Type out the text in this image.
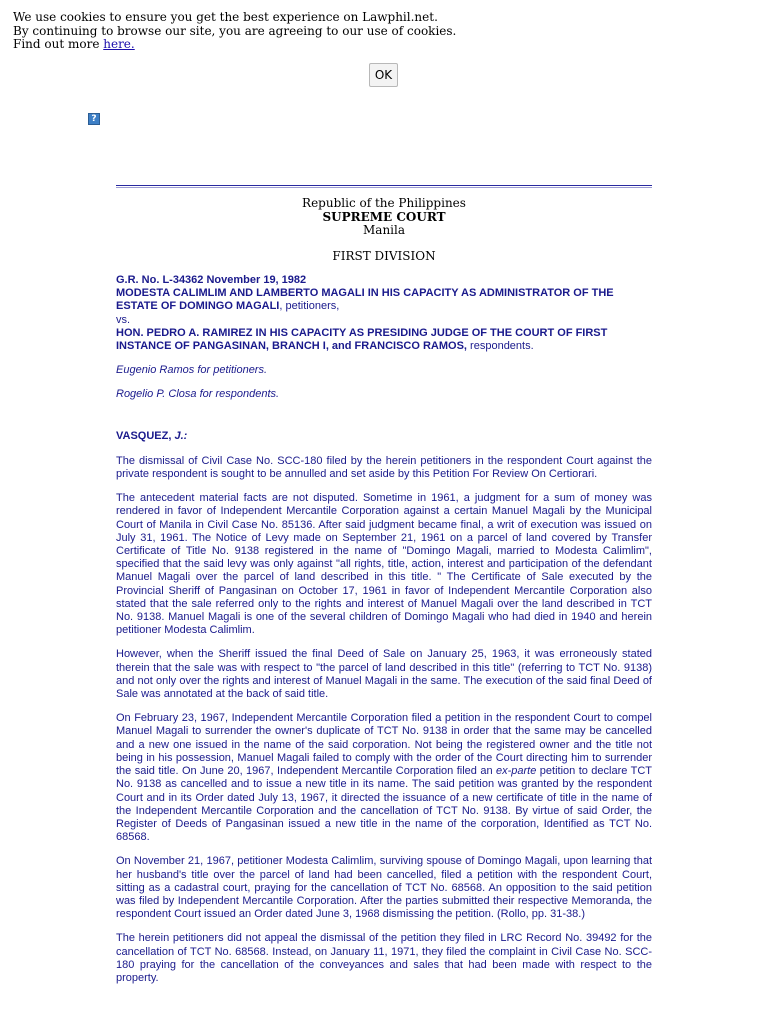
We use cookies to ensure you get the best experience on Lawphil.net.
By continuing to browse our site, you are agreeing to our use of cookies.
Find out more here.
OK
?
Republic of the Philippines
SUPREME COURT
Manila
FIRST DIVISION

G.R. No. L-34362 November 19, 1982

MODESTA CALIMLIM AND LAMBERTO MAGALI IN HIS CAPACITY AS ADMINISTRATOR OF THE ESTATE OF DOMINGO MAGALI, petitioners,

vs.

HON. PEDRO A. RAMIREZ IN HIS CAPACITY AS PRESIDING JUDGE OF THE COURT OF FIRST INSTANCE OF PANGASINAN, BRANCH I, and FRANCISCO RAMOS, respondents.

Eugenio Ramos for petitioners.

Rogelio P. Closa for respondents.

VASQUEZ, J.:

The dismissal of Civil Case No. SCC-180 filed by the herein petitioners in the respondent Court against the private respondent is sought to be annulled and set aside by this Petition For Review On Certiorari.

The antecedent material facts are not disputed. Sometime in 1961, a judgment for a sum of money was rendered in favor of Independent Mercantile Corporation against a certain Manuel Magali by the Municipal Court of Manila in Civil Case No. 85136. After said judgment became final, a writ of execution was issued on July 31, 1961. The Notice of Levy made on September 21, 1961 on a parcel of land covered by Transfer Certificate of Title No. 9138 registered in the name of "Domingo Magali, married to Modesta Calimlim", specified that the said levy was only against "all rights, title, action, interest and participation of the defendant Manuel Magali over the parcel of land described in this title. " The Certificate of Sale executed by the Provincial Sheriff of Pangasinan on October 17, 1961 in favor of Independent Mercantile Corporation also stated that the sale referred only to the rights and interest of Manuel Magali over the land described in TCT No. 9138. Manuel Magali is one of the several children of Domingo Magali who had died in 1940 and herein petitioner Modesta Calimlim.

However, when the Sheriff issued the final Deed of Sale on January 25, 1963, it was erroneously stated therein that the sale was with respect to "the parcel of land described in this title" (referring to TCT No. 9138) and not only over the rights and interest of Manuel Magali in the same. The execution of the said final Deed of Sale was annotated at the back of said title.

On February 23, 1967, Independent Mercantile Corporation filed a petition in the respondent Court to compel Manuel Magali to surrender the owner's duplicate of TCT No. 9138 in order that the same may be cancelled and a new one issued in the name of the said corporation. Not being the registered owner and the title not being in his possession, Manuel Magali failed to comply with the order of the Court directing him to surrender the said title. On June 20, 1967, Independent Mercantile Corporation filed an ex-parte petition to declare TCT No. 9138 as cancelled and to issue a new title in its name. The said petition was granted by the respondent Court and in its Order dated July 13, 1967, it directed the issuance of a new certificate of title in the name of the Independent Mercantile Corporation and the cancellation of TCT No. 9138. By virtue of said Order, the Register of Deeds of Pangasinan issued a new title in the name of the corporation, Identified as TCT No. 68568.

On November 21, 1967, petitioner Modesta Calimlim, surviving spouse of Domingo Magali, upon learning that her husband's title over the parcel of land had been cancelled, filed a petition with the respondent Court, sitting as a cadastral court, praying for the cancellation of TCT No. 68568. An opposition to the said petition was filed by Independent Mercantile Corporation. After the parties submitted their respective Memoranda, the respondent Court issued an Order dated June 3, 1968 dismissing the petition. (Rollo, pp. 31-38.)

The herein petitioners did not appeal the dismissal of the petition they filed in LRC Record No. 39492 for the cancellation of TCT No. 68568. Instead, on January 11, 1971, they filed the complaint in Civil Case No. SCC-180 praying for the cancellation of the conveyances and sales that had been made with respect to the property.
